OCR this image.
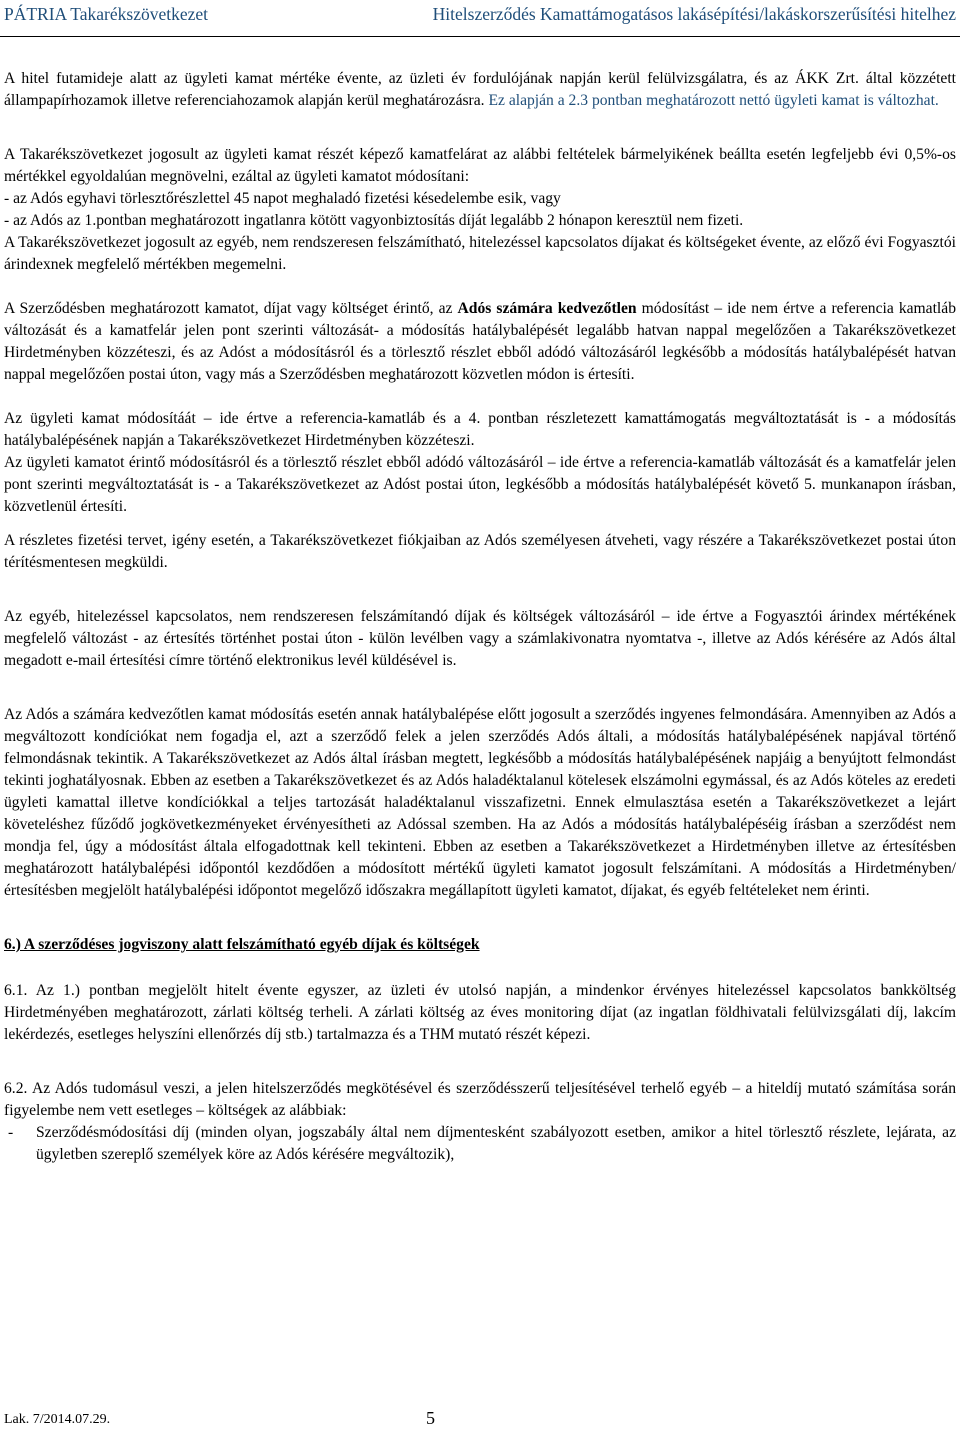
PÁTRIA Takarékszövetkezet	Hitelszerződés Kamattámogatásos lakásépítési/lakáskorszerűsítési hitelhez

A hitel futamideje alatt az ügyleti kamat mértéke évente, az üzleti év fordulójának napján kerül felülvizsgálatra, és az ÁKK Zrt. által közzétett állampapírhozamok illetve referenciahozamok alapján kerül meghatározásra. Ez alapján a 2.3 pontban meghatározott nettó ügyleti kamat is változhat.

A Takarékszövetkezet jogosult az ügyleti kamat részét képező kamatfelárat az alábbi feltételek bármelyikének beállta esetén legfeljebb évi 0,5%-os mértékkel egyoldalúan megnövelni, ezáltal az ügyleti kamatot módosítani:

- az Adós egyhavi törlesztőrészlettel 45 napot meghaladó fizetési késedelembe esik, vagy

- az Adós az 1.pontban meghatározott ingatlanra kötött vagyonbiztosítás díját legalább 2 hónapon keresztül nem fizeti.

A Takarékszövetkezet jogosult az egyéb, nem rendszeresen felszámítható, hitelezéssel kapcsolatos díjakat és költségeket évente, az előző évi Fogyasztói árindexnek megfelelő mértékben megemelni.

A Szerződésben meghatározott kamatot, díjat vagy költséget érintő, az Adós számára kedvezőtlen módosítást – ide nem értve a referencia kamatláb változását és a kamatfelár jelen pont szerinti változását- a módosítás hatálybalépését legalább hatvan nappal megelőzően a Takarékszövetkezet Hirdetményben közzéteszi, és az Adóst a módosításról és a törlesztő részlet ebből adódó változásáról legkésőbb a módosítás hatálybalépését hatvan nappal megelőzően postai úton, vagy más a Szerződésben meghatározott közvetlen módon is értesíti.

Az ügyleti kamat módosítáát – ide értve a referencia-kamatláb és a 4. pontban részletezett kamattámogatás megváltoztatását is - a módosítás hatálybalépésének napján a Takarékszövetkezet Hirdetményben közzéteszi.

Az ügyleti kamatot érintő módosításról és a törlesztő részlet ebből adódó változásáról – ide értve a referencia-kamatláb változását és a kamatfelár jelen pont szerinti megváltoztatását is - a Takarékszövetkezet az Adóst postai úton, legkésőbb a módosítás hatálybalépését követő 5. munkanapon írásban, közvetlenül értesíti.

A részletes fizetési tervet, igény esetén, a Takarékszövetkezet fiókjaiban az Adós személyesen átveheti, vagy részére a Takarékszövetkezet postai úton térítésmentesen megküldi.

Az egyéb, hitelezéssel kapcsolatos, nem rendszeresen felszámítandó díjak és költségek változásáról – ide értve a Fogyasztói árindex mértékének megfelelő változást - az értesítés történhet postai úton - külön levélben vagy a számlakivonatra nyomtatva -, illetve az Adós kérésére az Adós által megadott e-mail értesítési címre történő elektronikus levél küldésével is.

Az Adós a számára kedvezőtlen kamat módosítás esetén annak hatálybalépése előtt jogosult a szerződés ingyenes felmondására. Amennyiben az Adós a megváltozott kondíciókat nem fogadja el, azt a szerződő felek a jelen szerződés Adós általi, a módosítás hatálybalépésének napjával történő felmondásnak tekintik. A Takarékszövetkezet az Adós által írásban megtett, legkésőbb a módosítás hatálybalépésének napjáig a benyújtott felmondást tekinti joghatályosnak. Ebben az esetben a Takarékszövetkezet és az Adós haladéktalanul kötelesek elszámolni egymással, és az Adós köteles az eredeti ügyleti kamattal illetve kondíciókkal a teljes tartozását haladéktalanul visszafizetni. Ennek elmulasztása esetén a Takarékszövetkezet a lejárt követeléshez fűződő jogkövetkezményeket érvényesítheti az Adóssal szemben. Ha az Adós a módosítás hatálybalépéséig írásban a szerződést nem mondja fel, úgy a módosítást általa elfogadottnak kell tekinteni. Ebben az esetben a Takarékszövetkezet a Hirdetményben illetve az értesítésben meghatározott hatálybalépési időpontól kezdődően a módosított mértékű ügyleti kamatot jogosult felszámítani. A módosítás a Hirdetményben/értesítésben megjelölt hatálybalépési időpontot megelőző időszakra megállapított ügyleti kamatot, díjakat, és egyéb feltételeket nem érinti.

6.) A szerződéses jogviszony alatt felszámítható egyéb díjak és költségek

6.1. Az 1.) pontban megjelölt hitelt évente egyszer, az üzleti év utolsó napján, a mindenkor érvényes hitelezéssel kapcsolatos bankköltség Hirdetményében meghatározott, zárlati költség terheli. A zárlati költség az éves monitoring díjat (az ingatlan földhivatali felülvizsgálati díj, lakcím lekérdezés, esetleges helyszíni ellenőrzés díj stb.) tartalmazza és a THM mutató részét képezi.

6.2. Az Adós tudomásul veszi, a jelen hitelszerződés megkötésével és szerződésszerű teljesítésével terhelő egyéb – a hiteldíj mutató számítása során figyelembe nem vett esetleges – költségek az alábbiak:

-	Szerződésmódosítási díj (minden olyan, jogszabály által nem díjmentesként szabályozott esetben, amikor a hitel törlesztő részlete, lejárata, az ügyletben szereplő személyek köre az Adós kérésére megváltozik),
Lak. 7/2014.07.29.	5
